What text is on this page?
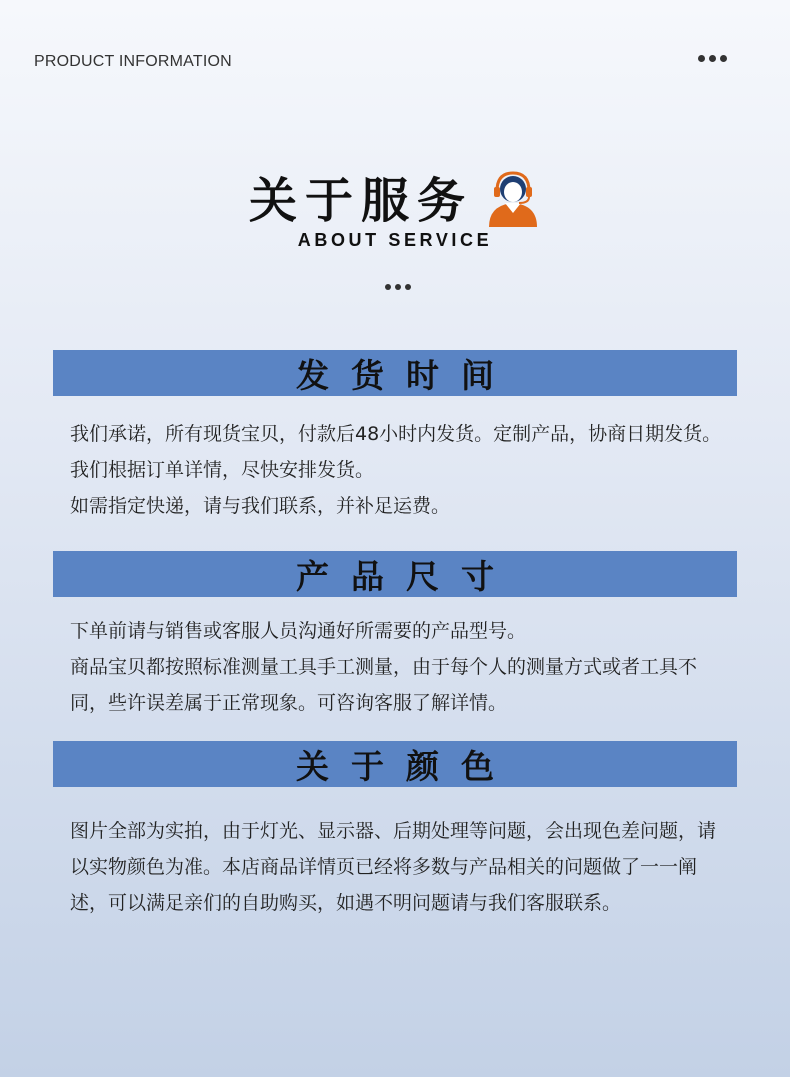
PRODUCT INFORMATION
关于服务
ABOUT SERVICE
发货时间

我们承诺，所有现货宝贝，付款后48小时内发货。定制产品，协商日期发货。我们根据订单详情，尽快安排发货。

如需指定快递，请与我们联系，并补足运费。

产品尺寸

下单前请与销售或客服人员沟通好所需要的产品型号。

商品宝贝都按照标准测量工具手工测量，由于每个人的测量方式或者工具不同，些许误差属于正常现象。可咨询客服了解详情。

关于颜色

图片全部为实拍，由于灯光、显示器、后期处理等问题，会出现色差问题，请以实物颜色为准。本店商品详情页已经将多数与产品相关的问题做了一一阐述，可以满足亲们的自助购买，如遇不明问题请与我们客服联系。
